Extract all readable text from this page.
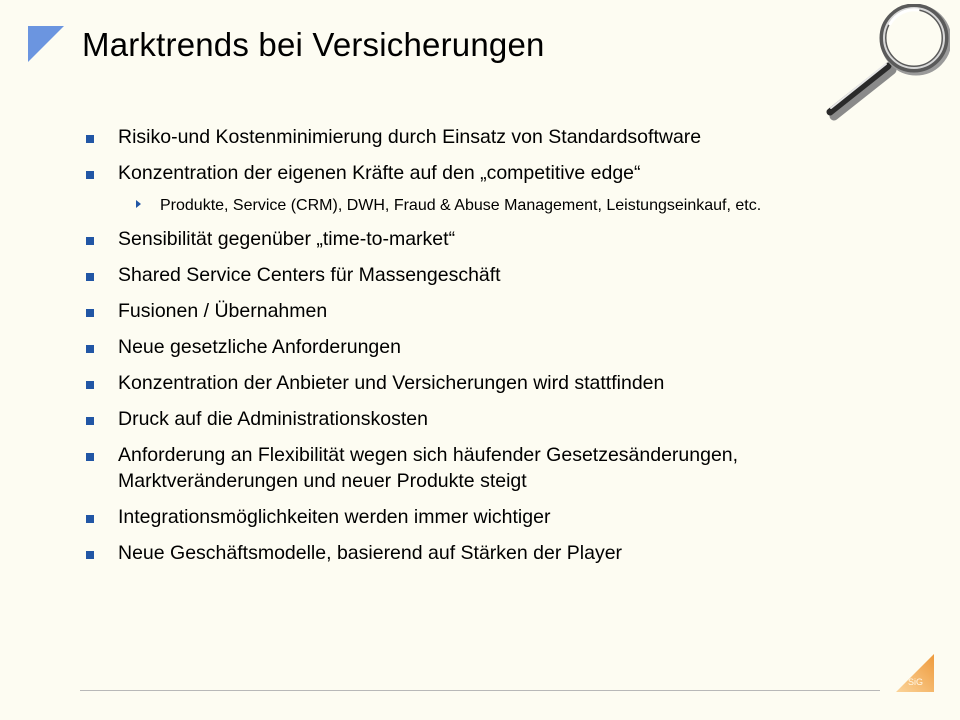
Marktrends bei Versicherungen
Risiko-und Kostenminimierung durch Einsatz von Standardsoftware
Konzentration der eigenen Kräfte auf den „competitive edge“
Produkte, Service (CRM), DWH, Fraud & Abuse Management, Leistungseinkauf, etc.
Sensibilität gegenüber „time-to-market“
Shared Service Centers für Massengeschäft
Fusionen / Übernahmen
Neue gesetzliche Anforderungen
Konzentration der Anbieter und Versicherungen wird stattfinden
Druck auf die Administrationskosten
Anforderung an Flexibilität wegen sich häufender Gesetzesänderungen, Marktveränderungen und neuer Produkte steigt
Integrationsmöglichkeiten werden immer wichtiger
Neue Geschäftsmodelle, basierend auf Stärken der Player
SiG
